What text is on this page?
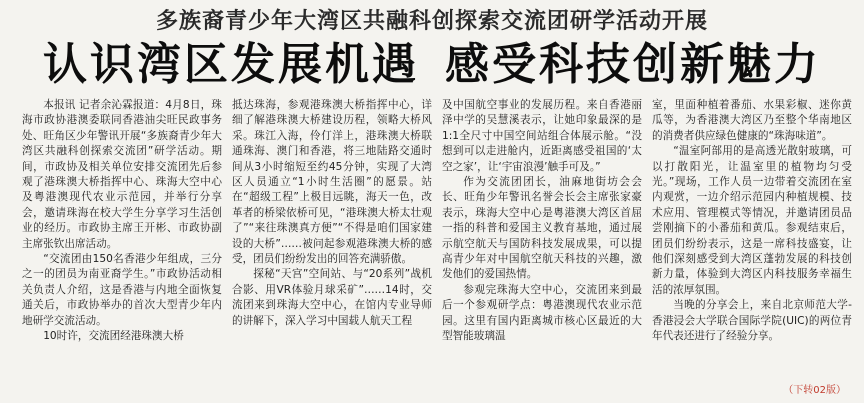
多族裔青少年大湾区共融科创探索交流团研学活动开展
认识湾区发展机遇 感受科技创新魅力

本报讯 记者余沁霖报道：4月8日，珠海市政协港澳委联同香港油尖旺民政事务处、旺角区少年警讯开展“多族裔青少年大湾区共融科创探索交流团”研学活动。期间，市政协及相关单位安排交流团先后参观了港珠澳大桥指挥中心、珠海大空中心及粤港澳现代农业示范园，并举行分享会，邀请珠海在校大学生分享学习生活创业的经历。市政协主席王开彬、市政协副主席张钦出席活动。

“交流团由150名香港少年组成，三分之一的团员为南亚裔学生。”市政协活动相关负责人介绍，这是香港与内地全面恢复通关后，市政协举办的首次大型青少年内地研学交流活动。

10时许，交流团经港珠澳大桥

抵达珠海，参观港珠澳大桥指挥中心，详细了解港珠澳大桥建设历程，领略大桥风采。珠江入海，伶仃洋上，港珠澳大桥联通珠海、澳门和香港，将三地陆路交通时间从3小时缩短至约45分钟，实现了大湾区人员通立“1小时生活圈”的愿景。站在“超级工程”上极目远眺，海天一色，改革者的桥梁依桥可见，“港珠澳大桥太壮观了”“来往珠澳真方便”“不得是咱们国家建设的大桥”……被问起参观港珠澳大桥的感受，团员们纷纷发出的回答充满骄傲。

探秘“天宫”空间站、与“20系列”战机合影、用VR体验月球采矿”……14时，交流团来到珠海大空中心，在馆内专业导师的讲解下，深入学习中国载人航天工程

及中国航空事业的发展历程。来自香港丽泽中学的吴慧溪表示，让她印象最深的是1:1全尺寸中国空间站组合体展示舱。“没想到可以走进舱内，近距离感受祖国的‘太空之家’，让‘宇宙浪漫’触手可及。”

作为交流团团长，油麻地街坊会会长、旺角少年警讯名誉会长会主席张家豪表示，珠海大空中心是粤港澳大湾区首屈一指的科普和爱国主义教育基地，通过展示航空航天与国防科技发展成果，可以提高青少年对中国航空航天科技的兴趣，激发他们的爱国热情。

参观完珠海大空中心，交流团来到最后一个参观研学点：粤港澳现代农业示范园。这里有国内距离城市核心区最近的大型智能玻璃温

室，里面种植着番茄、水果彩椒、迷你黄瓜等，为香港澳大湾区乃至整个华南地区的消费者供应绿色健康的“珠海味道”。

“温室阿部用的是高透光散射玻璃，可以打散阳光，让温室里的植物均匀受光。”现场，工作人员一边带着交流团在室内观赏，一边介绍示范园内种植规模、技术应用、管理模式等情况，并邀请团员品尝刚摘下的小番茄和黄瓜。参观结束后，团员们纷纷表示，这是一席科技盛宴，让他们深刻感受到大湾区蓬勃发展的科技创新力量，体验到大湾区内科技服务幸福生活的浓厚氛围。

当晚的分享会上，来自北京师范大学-香港浸会大学联合国际学院(UIC)的两位青年代表还进行了经验分享。

（下转02版）
